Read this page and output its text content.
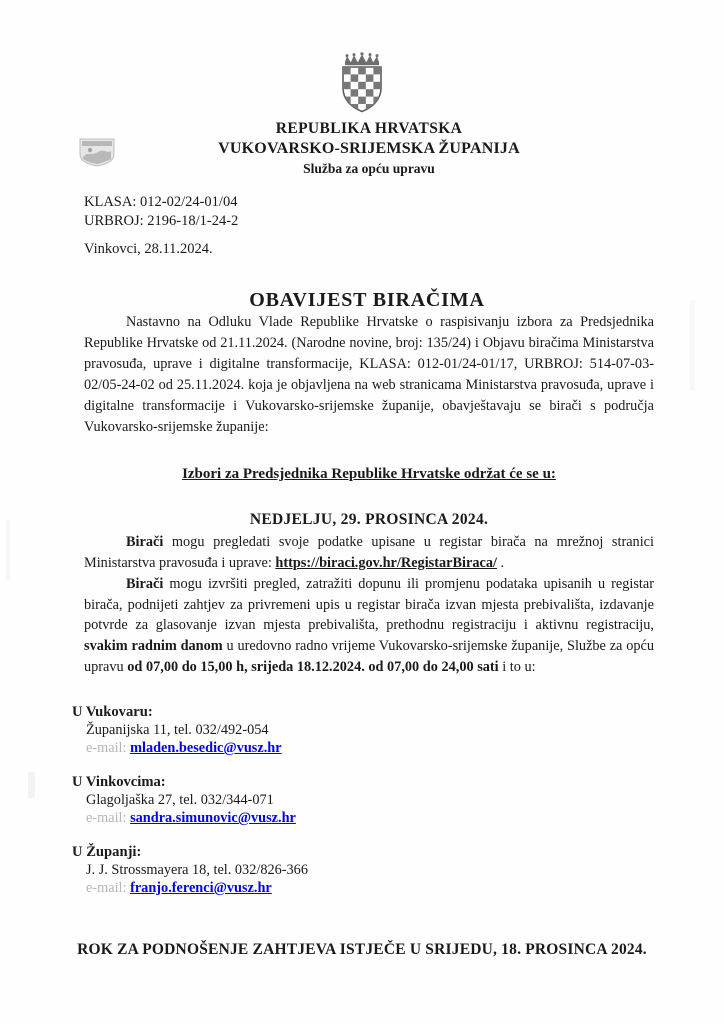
REPUBLIKA HRVATSKA
VUKOVARSKO-SRIJEMSKA ŽUPANIJA
Služba za opću upravu
KLASA: 012-02/24-01/04
URBROJ: 2196-18/1-24-2
Vinkovci, 28.11.2024.
OBAVIJEST BIRAČIMA

Nastavno na Odluku Vlade Republike Hrvatske o raspisivanju izbora za Predsjednika Republike Hrvatske od 21.11.2024. (Narodne novine, broj: 135/24) i Objavu biračima Ministarstva pravosuđa, uprave i digitalne transformacije, KLASA: 012-01/24-01/17, URBROJ: 514-07-03-02/05-24-02 od 25.11.2024. koja je objavljena na web stranicama Ministarstva pravosuđa, uprave i digitalne transformacije i Vukovarsko-srijemske županije, obavještavaju se birači s područja Vukovarsko-srijemske županije:

Izbori za Predsjednika Republike Hrvatske održat će se u:
NEDJELJU, 29. PROSINCA 2024.

Birači mogu pregledati svoje podatke upisane u registar birača na mrežnoj stranici Ministarstva pravosuđa i uprave: https://biraci.gov.hr/RegistarBiraca/ .

Birači mogu izvršiti pregled, zatražiti dopunu ili promjenu podataka upisanih u registar birača, podnijeti zahtjev za privremeni upis u registar birača izvan mjesta prebivališta, izdavanje potvrde za glasovanje izvan mjesta prebivališta, prethodnu registraciju i aktivnu registraciju, svakim radnim danom u uredovno radno vrijeme Vukovarsko-srijemske županije, Službe za opću upravu od 07,00 do 15,00 h, srijeda 18.12.2024. od 07,00 do 24,00 sati i to u:

U Vukovaru:
Županijska 11, tel. 032/492-054
e-mail: mladen.besedic@vusz.hr
U Vinkovcima:
Glagoljaška 27, tel. 032/344-071
e-mail: sandra.simunovic@vusz.hr
U Županji:
J. J. Strossmayera 18, tel. 032/826-366
e-mail: franjo.ferenci@vusz.hr
ROK ZA PODNOŠENJE ZAHTJEVA ISTJEČE U SRIJEDU, 18. PROSINCA 2024.
